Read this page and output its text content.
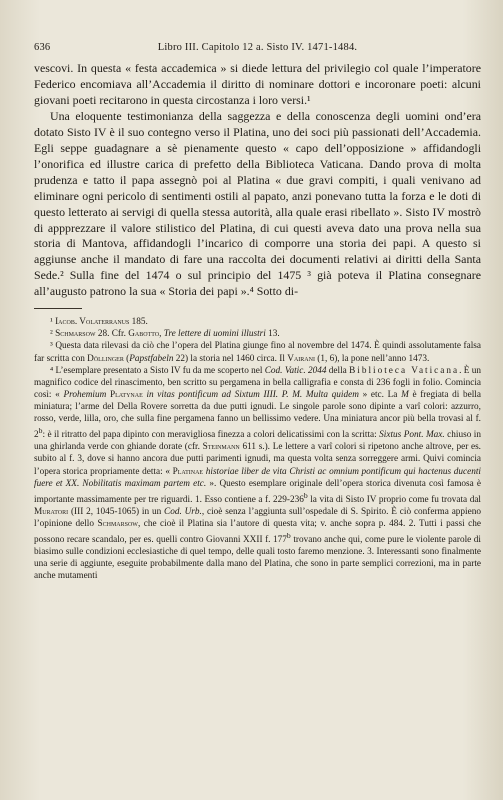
636	Libro III. Capitolo 12 a. Sisto IV. 1471-1484.

vescovi. In questa « festa accademica » si diede lettura del privilegio col quale l’imperatore Federico encomiava all’Accademia il diritto di nominare dottori e incoronare poeti: alcuni giovani poeti recitarono in questa circostanza i loro versi.¹

Una eloquente testimonianza della saggezza e della conoscenza degli uomini ond’era dotato Sisto IV è il suo contegno verso il Platina, uno dei soci più passionati dell’Accademia. Egli seppe guadagnare a sè pienamente questo « capo dell’opposizione » affidandogli l’onorifica ed illustre carica di prefetto della Biblioteca Vaticana. Dando prova di molta prudenza e tatto il papa assegnò poi al Platina « due gravi compiti, i quali venivano ad eliminare ogni pericolo di sentimenti ostili al papato, anzi ponevano tutta la forza e le doti di questo letterato ai servigi di quella stessa autorità, alla quale erasi ribellato ». Sisto IV mostrò di appprezzare il valore stilistico del Platina, di cui questi aveva dato una prova nella sua storia di Mantova, affidandogli l’incarico di comporre una storia dei papi. A questo si aggiunse anche il mandato di fare una raccolta dei documenti relativi ai diritti della Santa Sede.² Sulla fine del 1474 o sul principio del 1475 ³ già poteva il Platina consegnare all’augusto patrono la sua « Storia dei papi ».⁴ Sotto di-

¹ Iacob. Volaterranus 185.

² Schmarsow 28. Cfr. Gabotto, Tre lettere di uomini illustri 13.

³ Questa data rilevasi da ciò che l’opera del Platina giunge fino al novembre del 1474. È quindi assolutamente falsa far scritta con Döllinger (Papstfabeln 22) la storia nel 1460 circa. Il Vairani (1, 6), la pone nell’anno 1473.

⁴ L’esemplare presentato a Sisto IV fu da me scoperto nel Cod. Vatic. 2044 della Biblioteca Vaticana. È un magnifico codice del rinascimento, ben scritto su pergamena in bella calligrafia e consta di 236 fogli in folio. Comincia così: « Prohemium Platynae in vitas pontificum ad Sixtum IIII. P. M. Multa quidem » etc. La M è fregiata di bella miniatura; l’arme del Della Rovere sorretta da due putti ignudi. Le singole parole sono dipinte a varî colori: azzurro, rosso, verde, lilla, oro, che sulla fine pergamena fanno un bellissimo vedere. Una miniatura ancor più bella trovasi al f. 2$^b$: è il ritratto del papa dipinto con meravigliosa finezza a colori delicatissimi con la scritta: Sixtus Pont. Max. chiuso in una ghirlanda verde con ghiande dorate (cfr. Steinmann 611 s.). Le lettere a varî colori si ripetono anche altrove, per es. subito al f. 3, dove si hanno ancora due putti parimenti ignudi, ma questa volta senza sorreggere armi. Quivi comincia l’opera storica propriamente detta: « Platinae historiae liber de vita Christi ac omnium pontificum qui hactenus ducenti fuere et XX. Nobilitatis maximam partem etc. ». Questo esemplare originale dell’opera storica divenuta così famosa è importante massimamente per tre riguardi. 1. Esso contiene a f. 229-236$^b$ la vita di Sisto IV proprio come fu trovata dal Muratori (III 2, 1045-1065) in un Cod. Urb., cioè senza l’aggiunta sull’ospedale di S. Spirito. È ciò conferma appieno l’opinione dello Schmarsow, che cioè il Platina sia l’autore di questa vita; v. anche sopra p. 484. 2. Tutti i passi che possono recare scandalo, per es. quelli contro Giovanni XXII f. 177$^b$ trovano anche qui, come pure le violente parole di biasimo sulle condizioni ecclesiastiche di quel tempo, delle quali tosto faremo menzione. 3. Interessanti sono finalmente una serie di aggiunte, eseguite probabilmente dalla mano del Platina, che sono in parte semplici correzioni, ma in parte anche mutamenti
